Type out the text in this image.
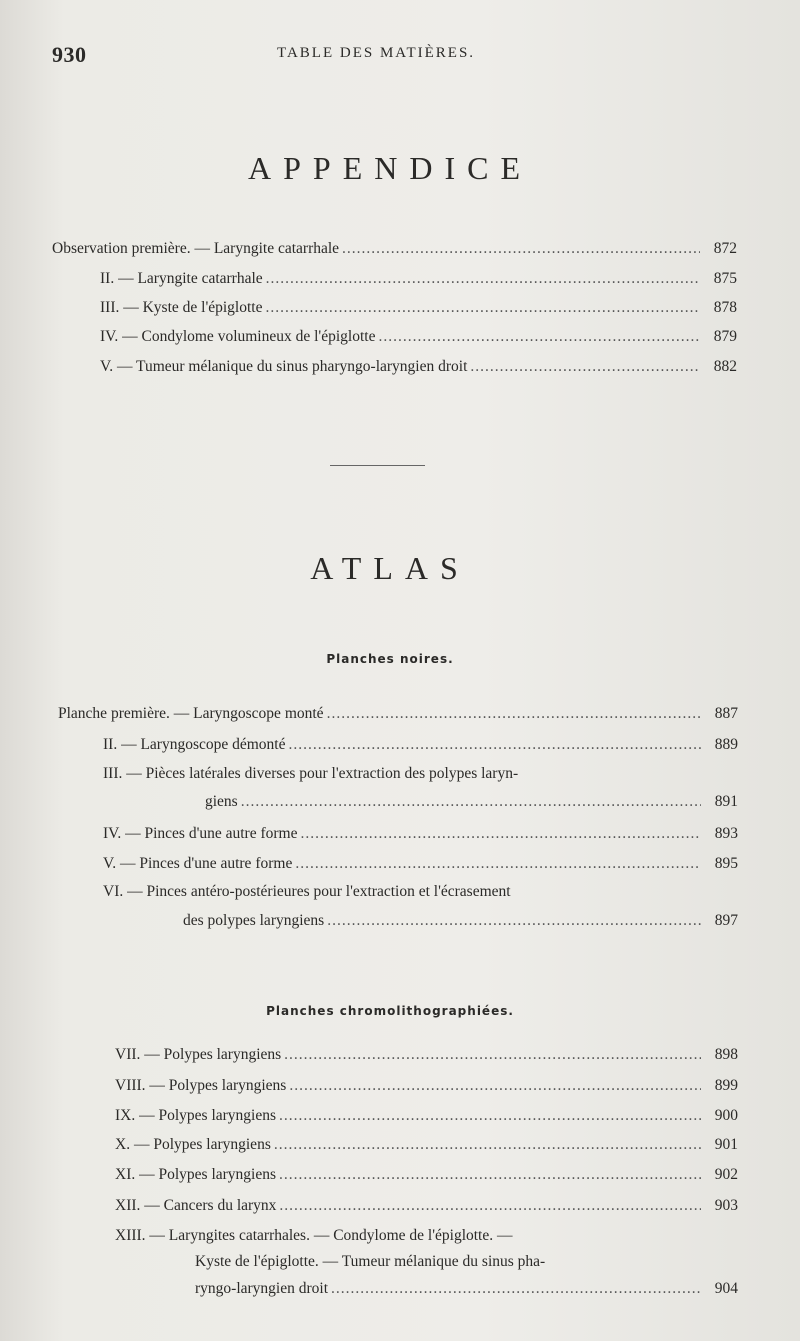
930	TABLE DES MATIÈRES.
APPENDICE
Observation première. — Laryngite catarrhale .....	872
II. — Laryngite catarrhale .....	875
III. — Kyste de l'épiglotte .....	878
IV. — Condylome volumineux de l'épiglotte .....	879
V. — Tumeur mélanique du sinus pharyngo-laryngien droit .....	882
ATLAS
Planches noires.
Planche première. — Laryngoscope monté .....	887
II. — Laryngoscope démonté .....	889
III. — Pièces latérales diverses pour l'extraction des polypes laryn-
giens .....	891
IV. — Pinces d'une autre forme .....	893
V. — Pinces d'une autre forme .....	895
VI. — Pinces antéro-postérieures pour l'extraction et l'écrasement
des polypes laryngiens .....	897
Planches chromolithographiées.
VII. — Polypes laryngiens .....	898
VIII. — Polypes laryngiens .....	899
IX. — Polypes laryngiens .....	900
X. — Polypes laryngiens .....	901
XI. — Polypes laryngiens .....	902
XII. — Cancers du larynx .....	903
XIII. — Laryngites catarrhales. — Condylome de l'épiglotte. —
Kyste de l'épiglotte. — Tumeur mélanique du sinus pha-
ryngo-laryngien droit .....	904
